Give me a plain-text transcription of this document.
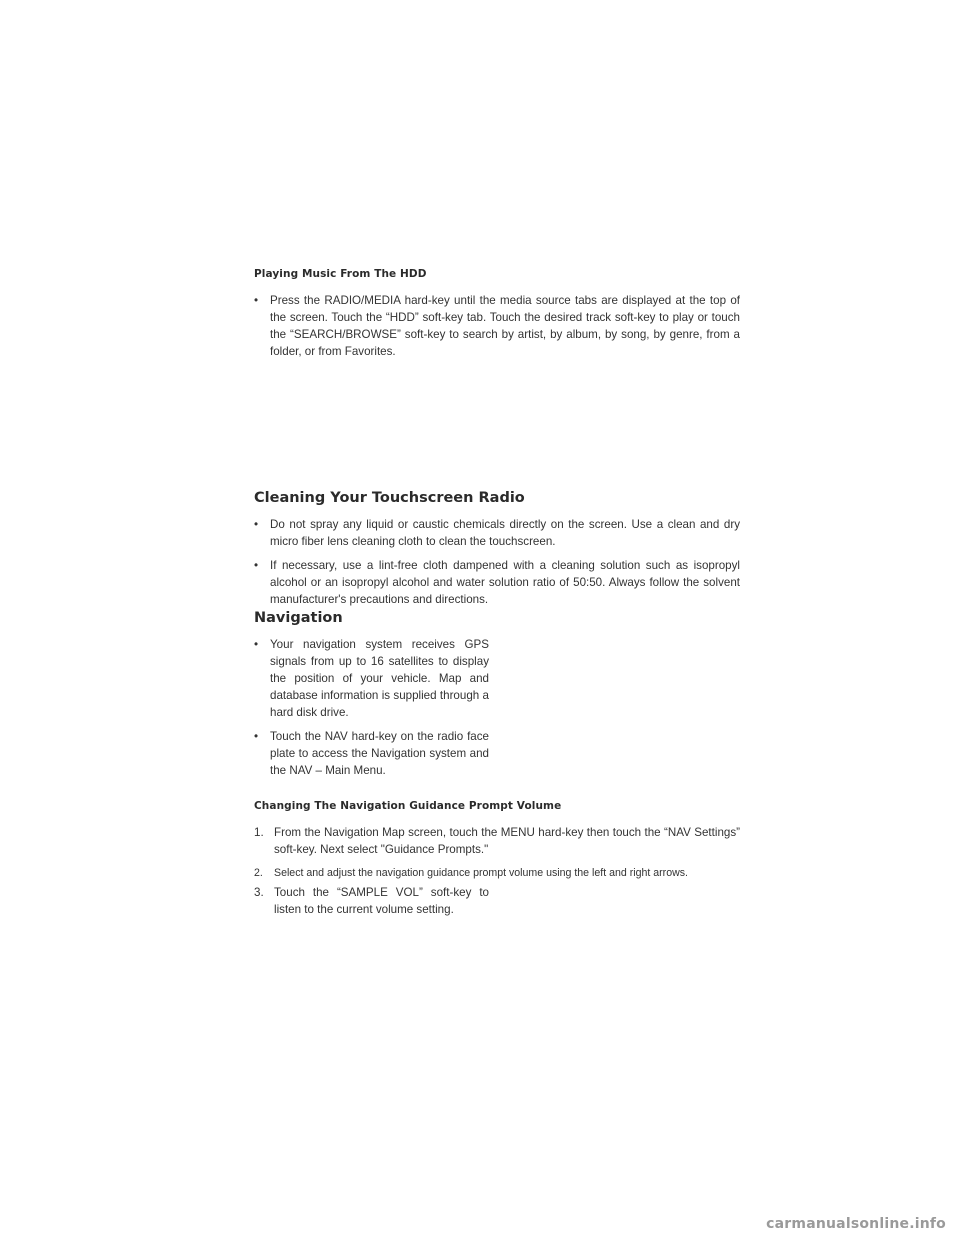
Playing Music From The HDD
•	Press the RADIO/MEDIA hard-key until the media source tabs are displayed at the top of the screen. Touch the “HDD” soft-key tab. Touch the desired track soft-key to play or touch the “SEARCH/BROWSE” soft-key to search by artist, by album, by song, by genre, from a folder, or from Favorites.
Cleaning Your Touchscreen Radio
•	Do not spray any liquid or caustic chemicals directly on the screen. Use a clean and dry micro fiber lens cleaning cloth to clean the touchscreen.
•	If necessary, use a lint-free cloth dampened with a cleaning solution such as isopropyl alcohol or an isopropyl alcohol and water solution ratio of 50:50. Always follow the solvent manufacturer's precautions and directions.
Navigation
•	Your navigation system receives GPS signals from up to 16 satellites to display the position of your vehicle. Map and database information is supplied through a hard disk drive.
•	Touch the NAV hard-key on the radio face plate to access the Navigation system and the NAV – Main Menu.
Changing The Navigation Guidance Prompt Volume
1. From the Navigation Map screen, touch the MENU hard-key then touch the “NAV Settings” soft-key. Next select "Guidance Prompts."
2.	Select and adjust the navigation guidance prompt volume using the left and right arrows.
3. Touch the “SAMPLE VOL” soft-key to listen to the current volume setting.
carmanualsonline.info
